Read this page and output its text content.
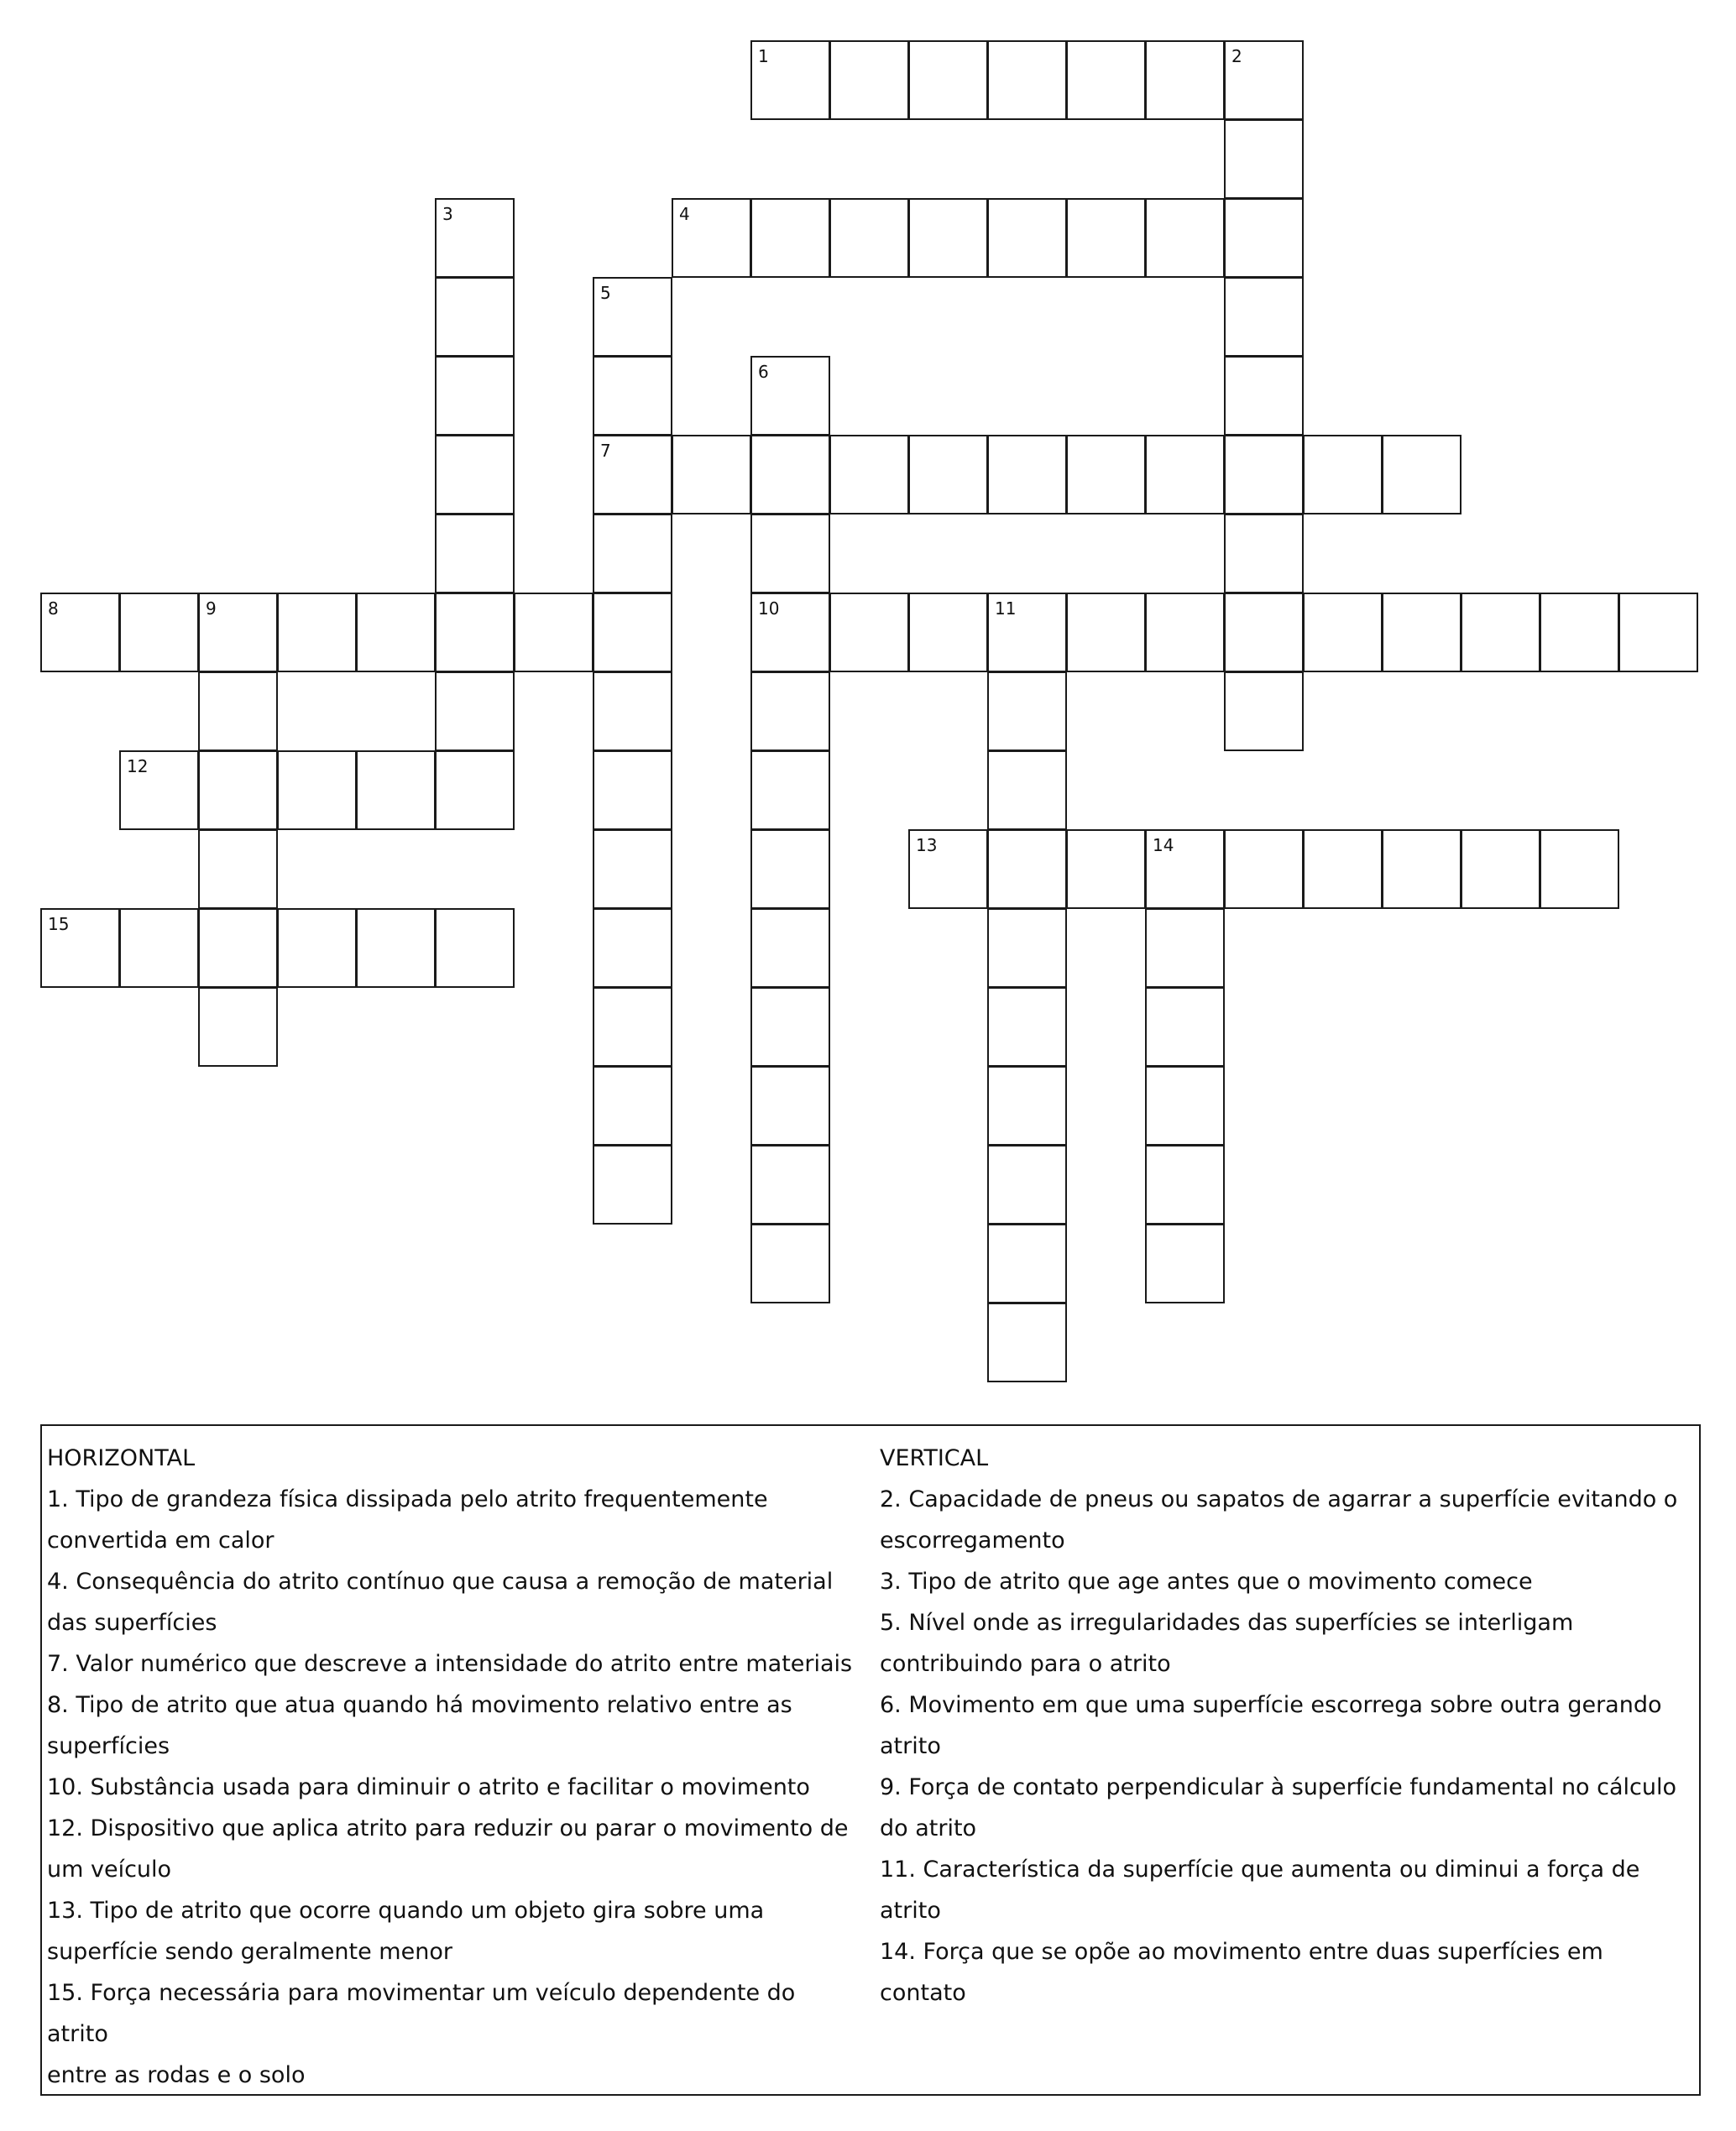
1	2
3	4
5
6
7
8	9	10	11
12
13	14
15
HORIZONTAL
1. Tipo de grandeza física dissipada pelo atrito frequentemente
convertida em calor
4. Consequência do atrito contínuo que causa a remoção de material
das superfícies
7. Valor numérico que descreve a intensidade do atrito entre materiais
8. Tipo de atrito que atua quando há movimento relativo entre as
superfícies
10. Substância usada para diminuir o atrito e facilitar o movimento
12. Dispositivo que aplica atrito para reduzir ou parar o movimento de
um veículo
13. Tipo de atrito que ocorre quando um objeto gira sobre uma
superfície sendo geralmente menor
15. Força necessária para movimentar um veículo dependente do atrito
entre as rodas e o solo
VERTICAL
2. Capacidade de pneus ou sapatos de agarrar a superfície evitando o
escorregamento
3. Tipo de atrito que age antes que o movimento comece
5. Nível onde as irregularidades das superfícies se interligam
contribuindo para o atrito
6. Movimento em que uma superfície escorrega sobre outra gerando
atrito
9. Força de contato perpendicular à superfície fundamental no cálculo
do atrito
11. Característica da superfície que aumenta ou diminui a força de
atrito
14. Força que se opõe ao movimento entre duas superfícies em contato
